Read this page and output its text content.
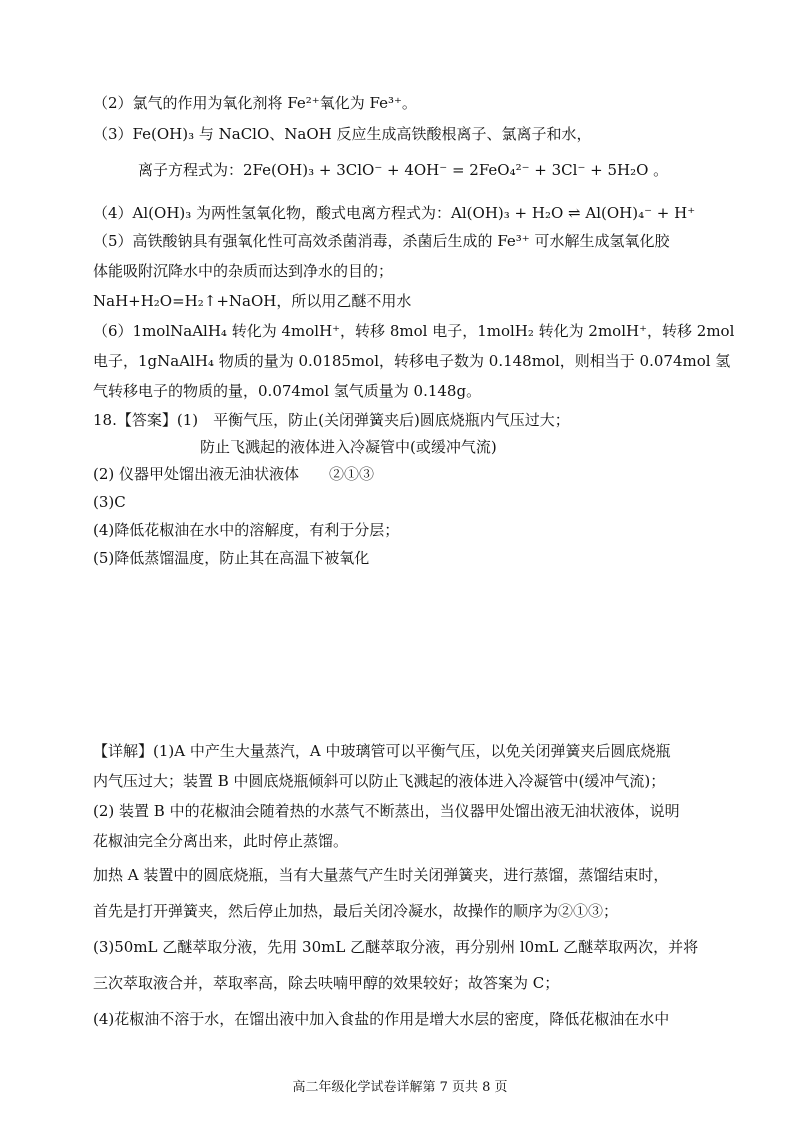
（2）氯气的作用为氧化剂将 Fe²⁺氧化为 Fe³⁺。
（3）Fe(OH)₃ 与 NaClO、NaOH 反应生成高铁酸根离子、氯离子和水，
离子方程式为：2Fe(OH)₃ + 3ClO⁻ + 4OH⁻ = 2FeO₄²⁻ + 3Cl⁻ + 5H₂O 。
（4）Al(OH)₃ 为两性氢氧化物，酸式电离方程式为：Al(OH)₃ + H₂O ⇌ Al(OH)₄⁻ + H⁺
（5）高铁酸钠具有强氧化性可高效杀菌消毒，杀菌后生成的 Fe³⁺ 可水解生成氢氧化胶
体能吸附沉降水中的杂质而达到净水的目的；
NaH+H₂O=H₂↑+NaOH，所以用乙醚不用水
（6）1molNaAlH₄ 转化为 4molH⁺，转移 8mol 电子，1molH₂ 转化为 2molH⁺，转移 2mol
电子，1gNaAlH₄ 物质的量为 0.0185mol，转移电子数为 0.148mol，则相当于 0.074mol 氢
气转移电子的物质的量，0.074mol 氢气质量为 0.148g。
18.【答案】(1)　平衡气压，防止(关闭弹簧夹后)圆底烧瓶内气压过大；
防止飞溅起的液体进入冷凝管中(或缓冲气流)
(2) 仪器甲处馏出液无油状液体　　②①③
(3)C
(4)降低花椒油在水中的溶解度，有利于分层；
(5)降低蒸馏温度，防止其在高温下被氧化
【详解】(1)A 中产生大量蒸汽，A 中玻璃管可以平衡气压，以免关闭弹簧夹后圆底烧瓶
内气压过大；装置 B 中圆底烧瓶倾斜可以防止飞溅起的液体进入冷凝管中(缓冲气流)；
(2) 装置 B 中的花椒油会随着热的水蒸气不断蒸出，当仪器甲处馏出液无油状液体，说明
花椒油完全分离出来，此时停止蒸馏。
加热 A 装置中的圆底烧瓶，当有大量蒸气产生时关闭弹簧夹，进行蒸馏，蒸馏结束时，
首先是打开弹簧夹，然后停止加热，最后关闭冷凝水，故操作的顺序为②①③；
(3)50mL 乙醚萃取分液，先用 30mL 乙醚萃取分液，再分别州 l0mL 乙醚萃取两次，并将
三次萃取液合并，萃取率高，除去呋喃甲醇的效果较好；故答案为 C；
(4)花椒油不溶于水，在馏出液中加入食盐的作用是增大水层的密度，降低花椒油在水中
高二年级化学试卷详解第 7 页共 8 页
